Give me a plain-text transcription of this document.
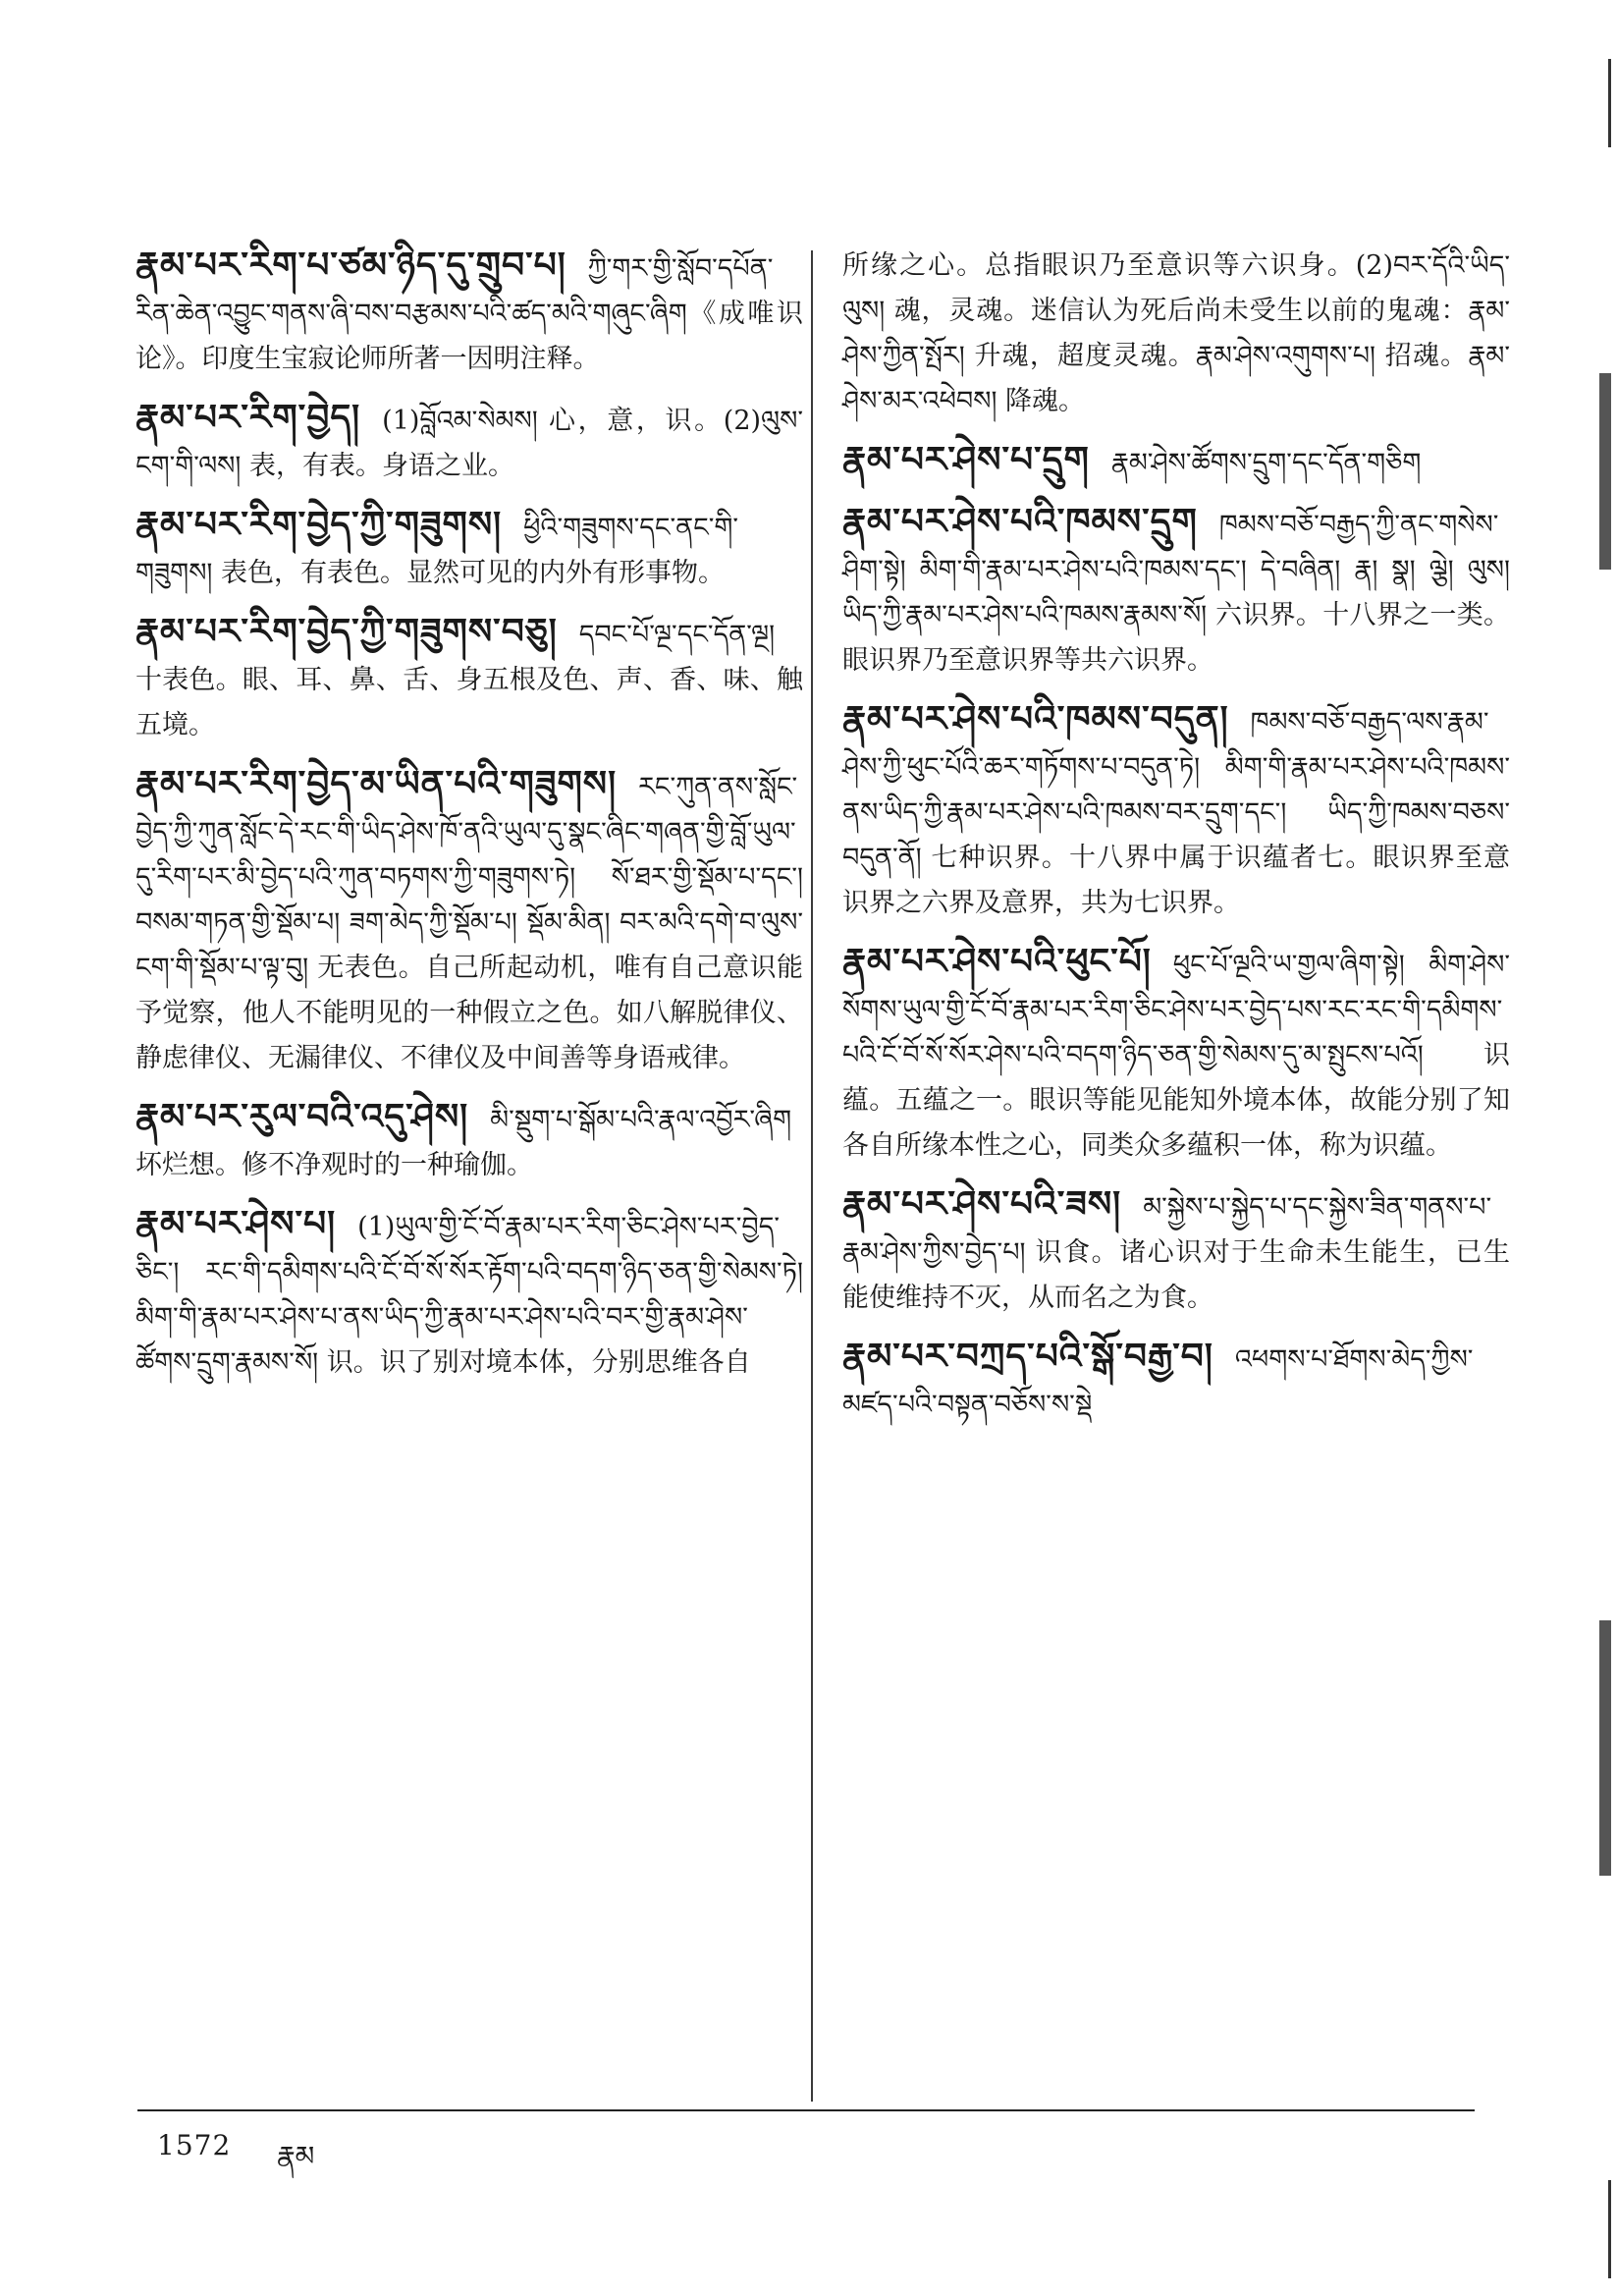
རྣམ་པར་རིག་པ་ཙམ་ཉིད་དུ་གྲུབ་པ། ཀྱི་གར་གྱི་སློབ་དཔོན་རིན་ཆེན་འབྱུང་གནས་ཞི་བས་བརྩམས་པའི་ཚད་མའི་གཞུང་ཞིག《成唯识论》。印度生宝寂论师所著一因明注释。

རྣམ་པར་རིག་བྱེད། (1)བློའམ་སེམས། 心，意，识。(2)ལུས་ངག་གི་ལས། 表，有表。身语之业。

རྣམ་པར་རིག་བྱེད་ཀྱི་གཟུགས། ཕྱིའི་གཟུགས་དང་ནང་གི་གཟུགས། 表色，有表色。显然可见的内外有形事物。

རྣམ་པར་རིག་བྱེད་ཀྱི་གཟུགས་བཅུ། དབང་པོ་ལྔ་དང་དོན་ལྔ། 十表色。眼、耳、鼻、舌、身五根及色、声、香、味、触五境。

རྣམ་པར་རིག་བྱེད་མ་ཡིན་པའི་གཟུགས། རང་ཀུན་ནས་སློང་བྱེད་ཀྱི་ཀུན་སློང་དེ་རང་གི་ཡིད་ཤེས་ཁོ་ནའི་ཡུལ་དུ་སྣང་ཞིང་གཞན་གྱི་བློ་ཡུལ་དུ་རིག་པར་མི་བྱེད་པའི་ཀུན་བཏགས་ཀྱི་གཟུགས་ཏེ། སོ་ཐར་གྱི་སྡོམ་པ་དང་། བསམ་གཏན་གྱི་སྡོམ་པ། ཟག་མེད་ཀྱི་སྡོམ་པ། སྡོམ་མིན། བར་མའི་དགེ་བ་ལུས་ངག་གི་སྡོམ་པ་ལྟ་བུ། 无表色。自己所起动机，唯有自己意识能予觉察，他人不能明见的一种假立之色。如八解脱律仪、静虑律仪、无漏律仪、不律仪及中间善等身语戒律。

རྣམ་པར་རུལ་བའི་འདུ་ཤེས། མི་སྡུག་པ་སྒོམ་པའི་རྣལ་འབྱོར་ཞིག 坏烂想。修不净观时的一种瑜伽。

རྣམ་པར་ཤེས་པ། (1)ཡུལ་གྱི་ངོ་བོ་རྣམ་པར་རིག་ཅིང་ཤེས་པར་བྱེད་ཅིང་། རང་གི་དམིགས་པའི་ངོ་བོ་སོ་སོར་རྟོག་པའི་བདག་ཉིད་ཅན་གྱི་སེམས་ཏེ། མིག་གི་རྣམ་པར་ཤེས་པ་ནས་ཡིད་ཀྱི་རྣམ་པར་ཤེས་པའི་བར་གྱི་རྣམ་ཤེས་ཚོགས་དྲུག་རྣམས་སོ། 识。识了别对境本体，分别思维各自

所缘之心。总指眼识乃至意识等六识身。(2)བར་དོའི་ཡིད་ལུས། 魂，灵魂。迷信认为死后尚未受生以前的鬼魂：རྣམ་ཤེས་ཀྱིན་སྤོར། 升魂，超度灵魂。རྣམ་ཤེས་འགུགས་པ། 招魂。རྣམ་ཤེས་མར་འཕེབས། 降魂。

རྣམ་པར་ཤེས་པ་དྲུག རྣམ་ཤེས་ཚོགས་དྲུག་དང་དོན་གཅིག

རྣམ་པར་ཤེས་པའི་ཁམས་དྲུག ཁམས་བཅོ་བརྒྱད་ཀྱི་ནང་གསེས་ཤིག་སྟེ། མིག་གི་རྣམ་པར་ཤེས་པའི་ཁམས་དང་། དེ་བཞིན། རྣ། སྣ། ལྕེ། ལུས། ཡིད་ཀྱི་རྣམ་པར་ཤེས་པའི་ཁམས་རྣམས་སོ། 六识界。十八界之一类。眼识界乃至意识界等共六识界。

རྣམ་པར་ཤེས་པའི་ཁམས་བདུན། ཁམས་བཅོ་བརྒྱད་ལས་རྣམ་ཤེས་ཀྱི་ཕུང་པོའི་ཆར་གཏོགས་པ་བདུན་ཏེ། མིག་གི་རྣམ་པར་ཤེས་པའི་ཁམས་ནས་ཡིད་ཀྱི་རྣམ་པར་ཤེས་པའི་ཁམས་བར་དྲུག་དང་། ཡིད་ཀྱི་ཁམས་བཅས་བདུན་ནོ། 七种识界。十八界中属于识蕴者七。眼识界至意识界之六界及意界，共为七识界。

རྣམ་པར་ཤེས་པའི་ཕུང་པོ། ཕུང་པོ་ལྔའི་ཡ་གྱལ་ཞིག་སྟེ། མིག་ཤེས་སོགས་ཡུལ་གྱི་ངོ་བོ་རྣམ་པར་རིག་ཅིང་ཤེས་པར་བྱེད་པས་རང་རང་གི་དམིགས་པའི་ངོ་བོ་སོ་སོར་ཤེས་པའི་བདག་ཉིད་ཅན་གྱི་སེམས་དུ་མ་སྤུངས་པའོ། 识蕴。五蕴之一。眼识等能见能知外境本体，故能分别了知各自所缘本性之心，同类众多蕴积一体，称为识蕴。

རྣམ་པར་ཤེས་པའི་ཟས། མ་སྐྱེས་པ་སྐྱེད་པ་དང་སྐྱེས་ཟིན་གནས་པ་རྣམ་ཤེས་ཀྱིས་བྱེད་པ། 识食。诸心识对于生命未生能生，已生能使维持不灭，从而名之为食。

རྣམ་པར་བཀྲད་པའི་སྒོ་བརྒྱ་བ། འཕགས་པ་ཐོགས་མེད་ཀྱིས་མཛད་པའི་བསྟན་བཅོས་ས་སྡེ

1572 རྣམ
